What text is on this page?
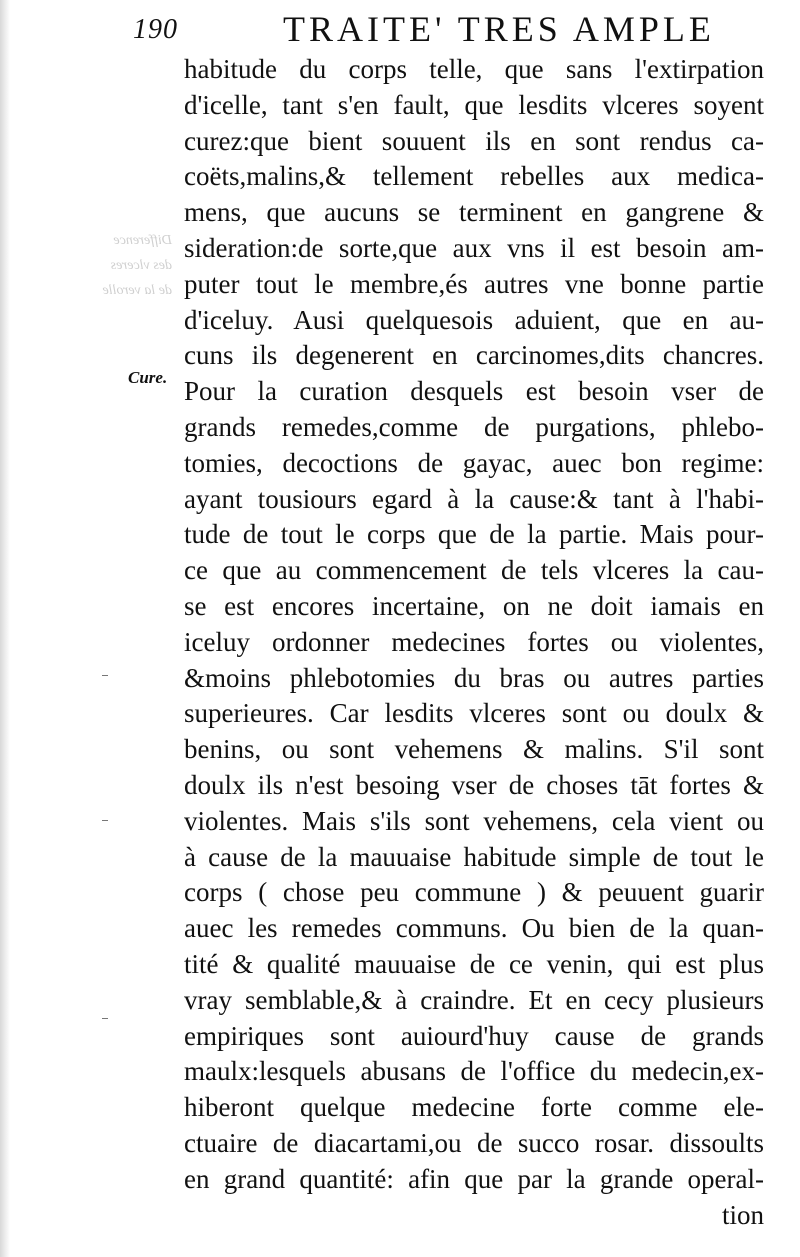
190	TRAITE' TRES AMPLE
Difference
des vlceres
de la verolle
Cure.
habitude du corps telle, que sans l'extirpation
d'icelle, tant s'en fault, que lesdits vlceres soyent
curez:que bient souuent ils en sont rendus ca-
coëts,malins,& tellement rebelles aux medica-
mens, que aucuns se terminent en gangrene &
sideration:de sorte,que aux vns il est besoin am-
puter tout le membre,és autres vne bonne partie
d'iceluy. Ausi quelquesois aduient, que en au-
cuns ils degenerent en carcinomes,dits chancres.
Pour la curation desquels est besoin vser de
grands remedes,comme de purgations, phlebo-
tomies, decoctions de gayac, auec bon regime:
ayant tousiours egard à la cause:& tant à l'habi-
tude de tout le corps que de la partie. Mais pour-
ce que au commencement de tels vlceres la cau-
se est encores incertaine, on ne doit iamais en
iceluy ordonner medecines fortes ou violentes,
&moins phlebotomies du bras ou autres parties
superieures. Car lesdits vlceres sont ou doulx &
benins, ou sont vehemens & malins. S'il sont
doulx ils n'est besoing vser de choses tāt fortes &
violentes. Mais s'ils sont vehemens, cela vient ou
à cause de la mauuaise habitude simple de tout le
corps ( chose peu commune ) & peuuent guarir
auec les remedes communs. Ou bien de la quan-
tité & qualité mauuaise de ce venin, qui est plus
vray semblable,& à craindre. Et en cecy plusieurs
empiriques sont auiourd'huy cause de grands
maulx:lesquels abusans de l'office du medecin,ex-
hiberont quelque medecine forte comme ele-
ctuaire de diacartami,ou de succo rosar. dissoults
en grand quantité: afin que par la grande operal-
tion
